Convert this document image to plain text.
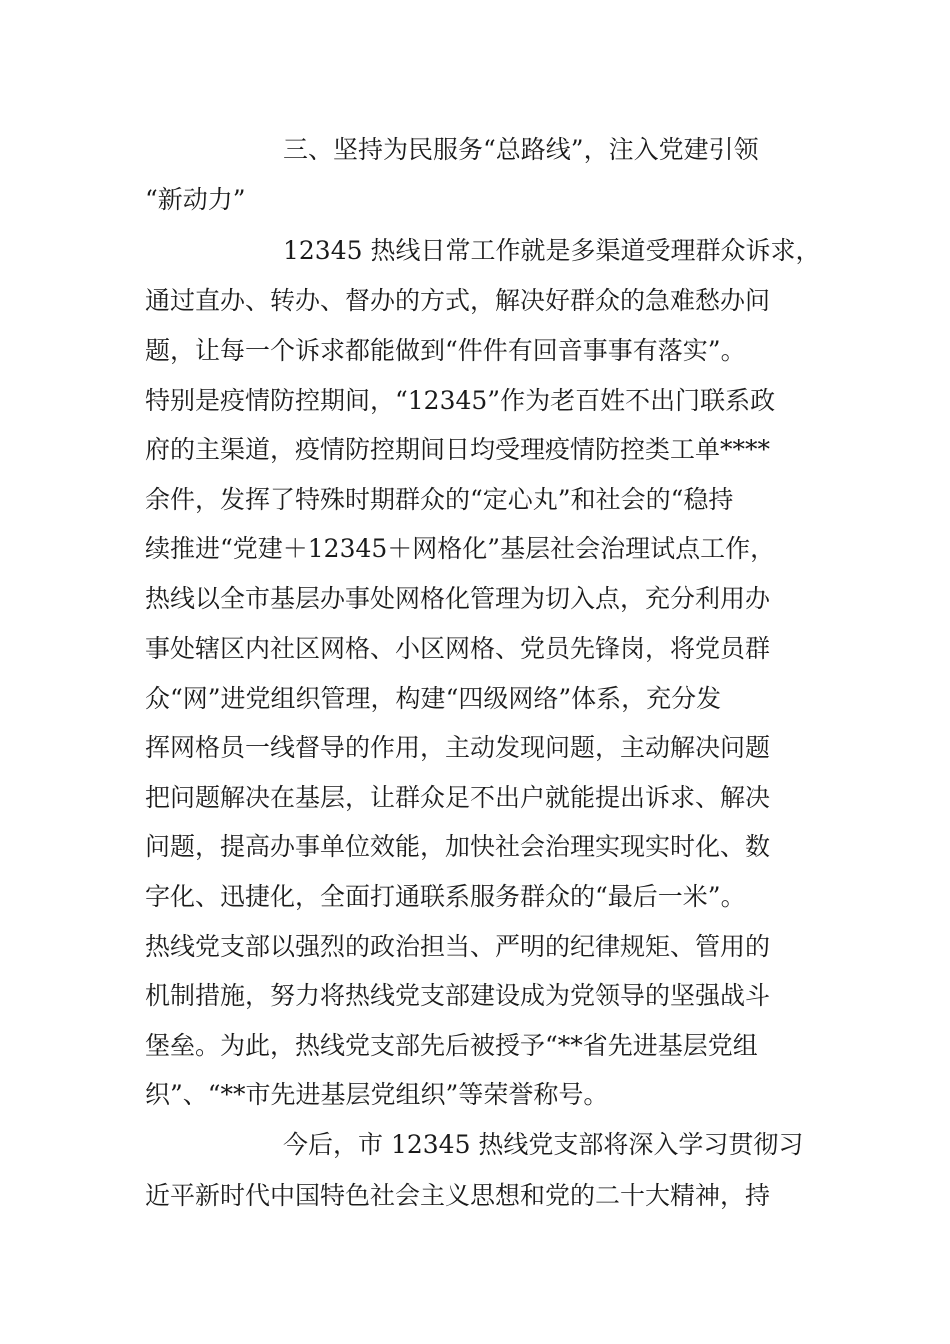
三、坚持为民服务“总路线”，注入党建引领
“新动力”
12345 热线日常工作就是多渠道受理群众诉求，
通过直办、转办、督办的方式，解决好群众的急难愁办问
题，让每一个诉求都能做到“件件有回音事事有落实”。
特别是疫情防控期间，“12345”作为老百姓不出门联系政
府的主渠道，疫情防控期间日均受理疫情防控类工单****
余件，发挥了特殊时期群众的“定心丸”和社会的“稳持
续推进“党建＋12345＋网格化”基层社会治理试点工作，
热线以全市基层办事处网格化管理为切入点，充分利用办
事处辖区内社区网格、小区网格、党员先锋岗，将党员群
众“网”进党组织管理，构建“四级网络”体系，充分发
挥网格员一线督导的作用，主动发现问题，主动解决问题
把问题解决在基层，让群众足不出户就能提出诉求、解决
问题，提高办事单位效能，加快社会治理实现实时化、数
字化、迅捷化，全面打通联系服务群众的“最后一米”。
热线党支部以强烈的政治担当、严明的纪律规矩、管用的
机制措施，努力将热线党支部建设成为党领导的坚强战斗
堡垒。为此，热线党支部先后被授予“**省先进基层党组
织”、“**市先进基层党组织”等荣誉称号。
今后，市 12345 热线党支部将深入学习贯彻习
近平新时代中国特色社会主义思想和党的二十大精神，持
